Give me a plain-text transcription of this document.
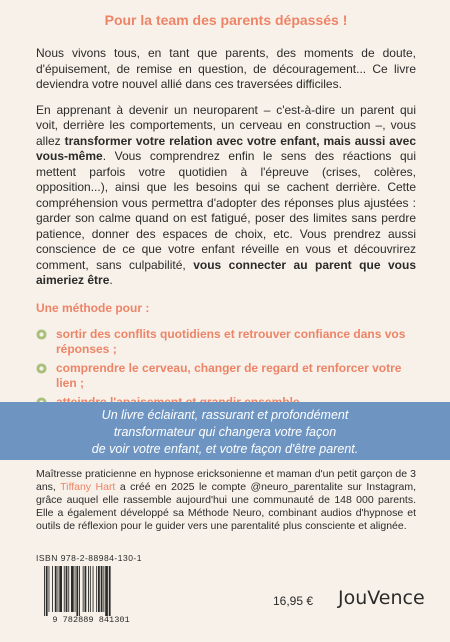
Pour la team des parents dépassés !

Nous vivons tous, en tant que parents, des moments de doute, d'épuisement, de remise en question, de découragement... Ce livre deviendra votre nouvel allié dans ces traversées difficiles.

En apprenant à devenir un neuroparent – c'est-à-dire un parent qui voit, derrière les comportements, un cerveau en construction –, vous allez transformer votre relation avec votre enfant, mais aussi avec vous-même. Vous comprendrez enfin le sens des réactions qui mettent parfois votre quotidien à l'épreuve (crises, colères, opposition...), ainsi que les besoins qui se cachent derrière. Cette compréhension vous permettra d'adopter des réponses plus ajustées : garder son calme quand on est fatigué, poser des limites sans perdre patience, donner des espaces de choix, etc. Vous prendrez aussi conscience de ce que votre enfant réveille en vous et découvrirez comment, sans culpabilité, vous connecter au parent que vous aimeriez être.

Une méthode pour :
sortir des conflits quotidiens et retrouver confiance dans vos réponses ;
comprendre le cerveau, changer de regard et renforcer votre lien ;
Un livre éclairant, rassurant et profondément
transformateur qui changera votre façon
de voir votre enfant, et votre façon d'être parent.

Maîtresse praticienne en hypnose ericksonienne et maman d'un petit garçon de 3 ans, Tiffany Hart a créé en 2025 le compte @neuro_parentalite sur Instagram, grâce auquel elle rassemble aujourd'hui une communauté de 148 000 parents. Elle a également développé sa Méthode Neuro, combinant audios d'hypnose et outils de réflexion pour le guider vers une parentalité plus consciente et alignée.

ISBN 978-2-88984-130-1
9 782889 841301
16,95 € JouVence
